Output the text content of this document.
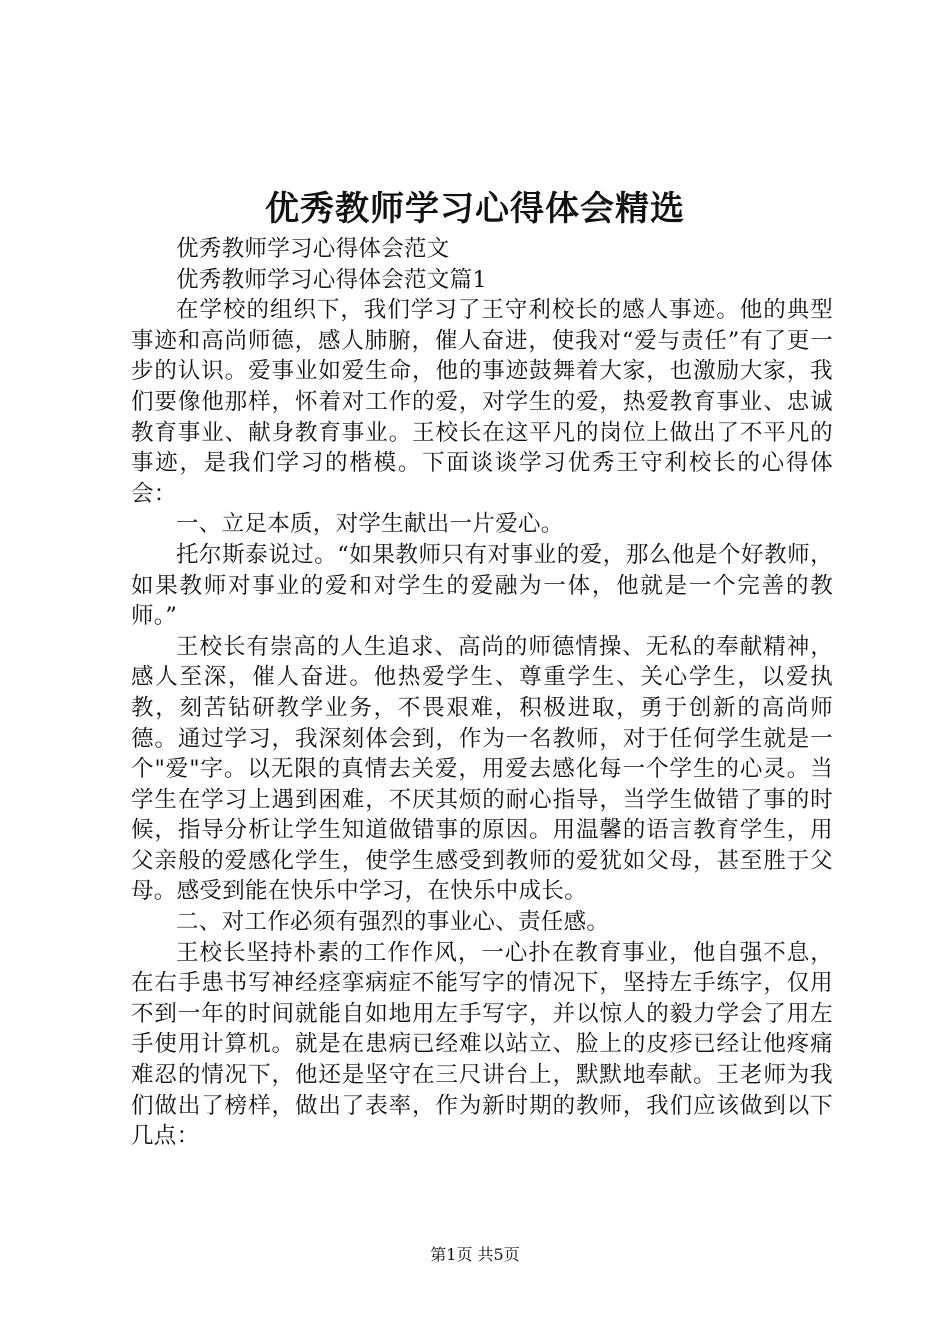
优秀教师学习心得体会精选

优秀教师学习心得体会范文

优秀教师学习心得体会范文篇1

在学校的组织下，我们学习了王守利校长的感人事迹。他的典型事迹和高尚师德，感人肺腑，催人奋进，使我对“爱与责任”有了更一步的认识。爱事业如爱生命，他的事迹鼓舞着大家，也激励大家，我们要像他那样，怀着对工作的爱，对学生的爱，热爱教育事业、忠诚教育事业、献身教育事业。王校长在这平凡的岗位上做出了不平凡的事迹，是我们学习的楷模。下面谈谈学习优秀王守利校长的心得体会：

一、立足本质，对学生献出一片爱心。

托尔斯泰说过。“如果教师只有对事业的爱，那么他是个好教师，如果教师对事业的爱和对学生的爱融为一体，他就是一个完善的教师。”

王校长有崇高的人生追求、高尚的师德情操、无私的奉献精神，感人至深，催人奋进。他热爱学生、尊重学生、关心学生，以爱执教，刻苦钻研教学业务，不畏艰难，积极进取，勇于创新的高尚师德。通过学习，我深刻体会到，作为一名教师，对于任何学生就是一个"爱"字。以无限的真情去关爱，用爱去感化每一个学生的心灵。当学生在学习上遇到困难，不厌其烦的耐心指导，当学生做错了事的时候，指导分析让学生知道做错事的原因。用温馨的语言教育学生，用父亲般的爱感化学生，使学生感受到教师的爱犹如父母，甚至胜于父母。感受到能在快乐中学习，在快乐中成长。

二、对工作必须有强烈的事业心、责任感。

王校长坚持朴素的工作作风，一心扑在教育事业，他自强不息，在右手患书写神经痉挛病症不能写字的情况下，坚持左手练字，仅用不到一年的时间就能自如地用左手写字，并以惊人的毅力学会了用左手使用计算机。就是在患病已经难以站立、脸上的皮疹已经让他疼痛难忍的情况下，他还是坚守在三尺讲台上，默默地奉献。王老师为我们做出了榜样，做出了表率，作为新时期的教师，我们应该做到以下几点：

第1页 共5页
